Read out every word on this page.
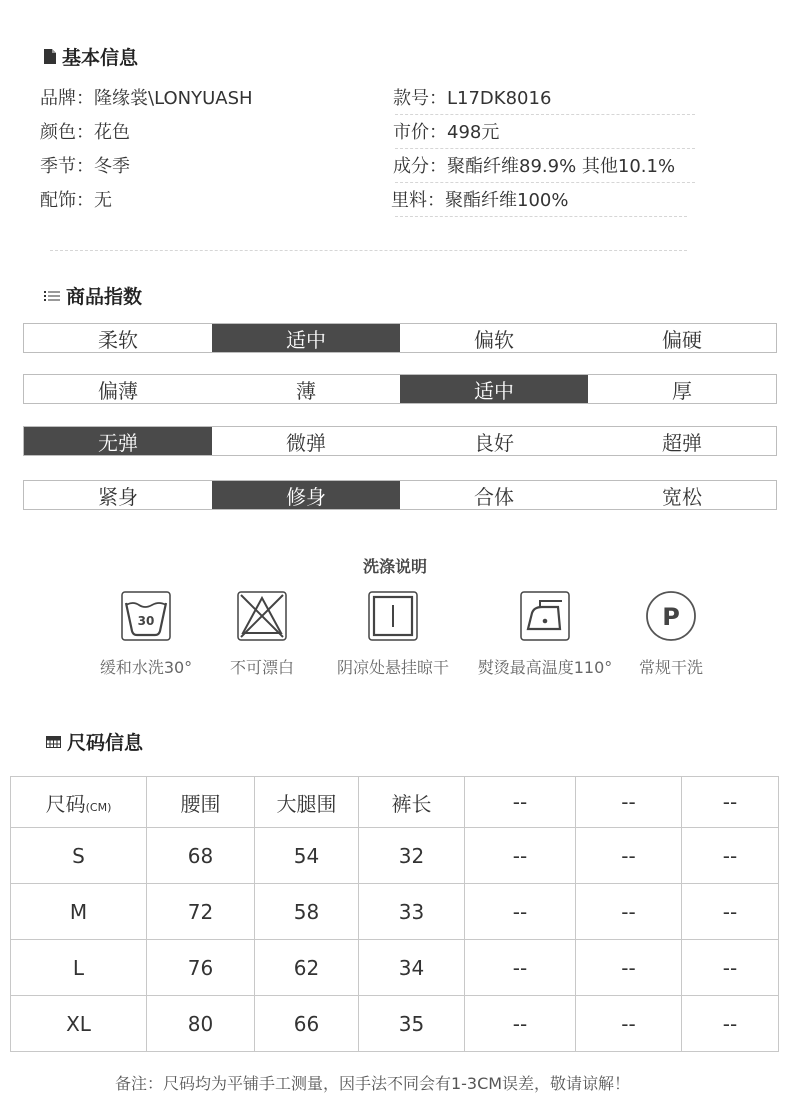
基本信息
品牌：隆缘裳\LONYUASH	款号：L17DK8016
颜色：花色	市价：498元
季节：冬季	成分：聚酯纤维89.9% 其他10.1%
配饰：无	里料：聚酯纤维100%
商品指数
柔软	适中	偏软	偏硬
偏薄	薄	适中	厚
无弹	微弹	良好	超弹
紧身	修身	合体	宽松
洗涤说明
30
缓和水洗30° 不可漂白	阴凉处悬挂晾干 熨烫最高温度110°
P
常规干洗
尺码信息
尺码(CM)	腰围	大腿围	裤长	--	--	--
S	68	54	32	--	--	--
M	72	58	33	--	--	--
L	76	62	34	--	--	--
XL	80	66	35	--	--	--
备注：尺码均为平铺手工测量，因手法不同会有1-3CM误差，敬请谅解！
